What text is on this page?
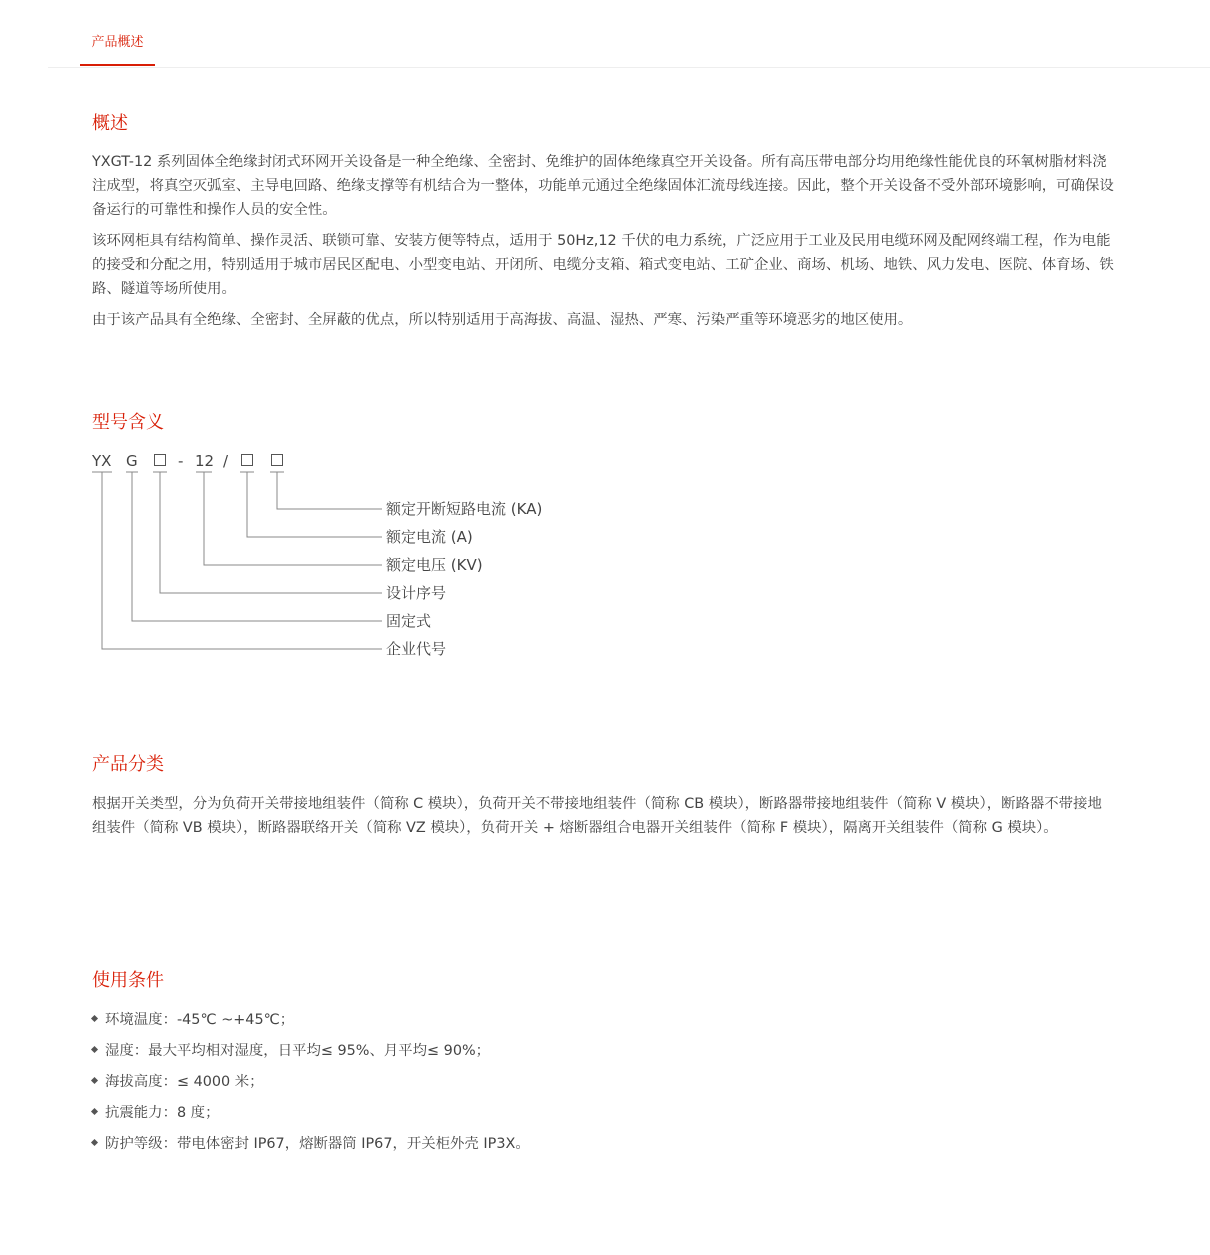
产品概述
概述

YXGT-12 系列固体全绝缘封闭式环网开关设备是一种全绝缘、全密封、免维护的固体绝缘真空开关设备。所有高压带电部分均用绝缘性能优良的环氧树脂材料浇注成型，将真空灭弧室、主导电回路、绝缘支撑等有机结合为一整体，功能单元通过全绝缘固体汇流母线连接。因此，整个开关设备不受外部环境影响，可确保设备运行的可靠性和操作人员的安全性。

该环网柜具有结构简单、操作灵活、联锁可靠、安装方便等特点，适用于 50Hz,12 千伏的电力系统，广泛应用于工业及民用电缆环网及配网终端工程，作为电能的接受和分配之用，特别适用于城市居民区配电、小型变电站、开闭所、电缆分支箱、箱式变电站、工矿企业、商场、机场、地铁、风力发电、医院、体育场、铁路、隧道等场所使用。

由于该产品具有全绝缘、全密封、全屏蔽的优点，所以特别适用于高海拔、高温、湿热、严寒、污染严重等环境恶劣的地区使用。

型号含义
YX G	- 12 /
额定开断短路电流 (KA)
额定电流 (A)
额定电压 (KV)
设计序号
固定式
企业代号
产品分类

根据开关类型，分为负荷开关带接地组装件（简称 C 模块），负荷开关不带接地组装件（简称 CB 模块），断路器带接地组装件（简称 V 模块），断路器不带接地组装件（简称 VB 模块），断路器联络开关（简称 VZ 模块），负荷开关 + 熔断器组合电器开关组装件（简称 F 模块），隔离开关组装件（简称 G 模块）。

使用条件
环境温度：-45℃ ~+45℃；
湿度：最大平均相对湿度，日平均≤ 95%、月平均≤ 90%；
海拔高度：≤ 4000 米；
抗震能力：8 度；
防护等级：带电体密封 IP67，熔断器筒 IP67，开关柜外壳 IP3X。
